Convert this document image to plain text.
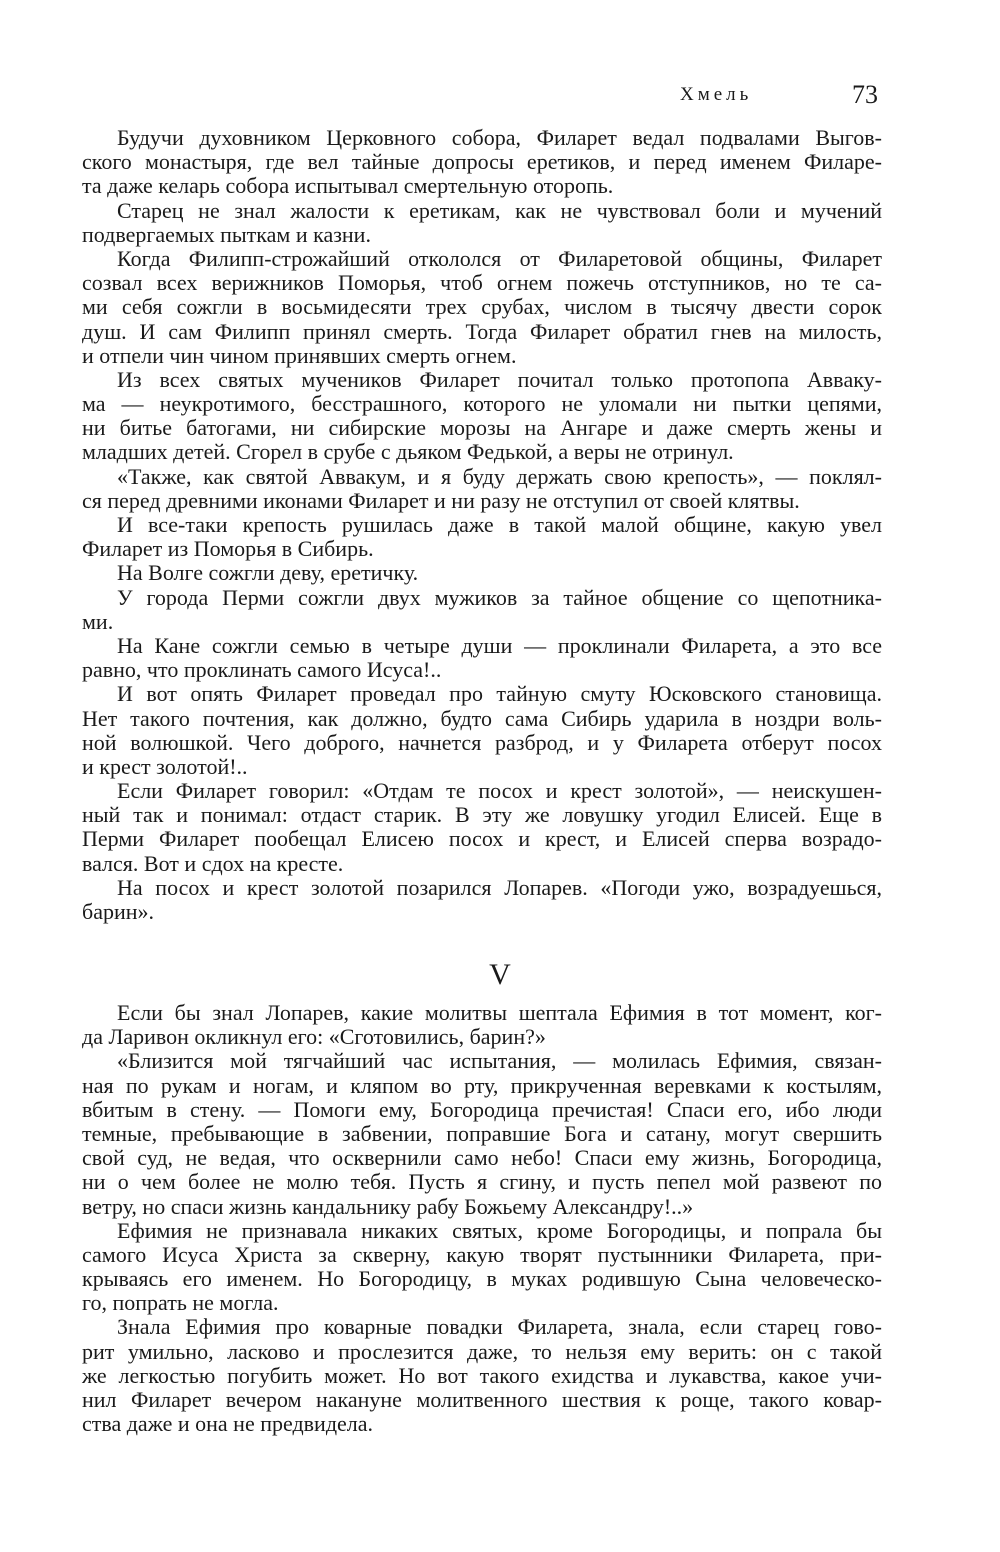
Хмель	73
Будучи духовником Церковного собора, Филарет ведал подвалами Выгов-
ского монастыря, где вел тайные допросы еретиков, и перед именем Филаре-
та даже келарь собора испытывал смертельную оторопь.
Старец не знал жалости к еретикам, как не чувствовал боли и мучений
подвергаемых пыткам и казни.
Когда Филипп-строжайший откололся от Филаретовой общины, Филарет
созвал всех верижников Поморья, чтоб огнем пожечь отступников, но те са-
ми себя сожгли в восьмидесяти трех срубах, числом в тысячу двести сорок
душ. И сам Филипп принял смерть. Тогда Филарет обратил гнев на милость,
и отпели чин чином принявших смерть огнем.
Из всех святых мучеников Филарет почитал только протопопа Аввaку-
ма — неукротимого, бесстрашного, которого не уломали ни пытки цепями,
ни битье батогами, ни сибирские морозы на Ангаре и даже смерть жены и
младших детей. Сгорел в срубе с дьяком Федькой, а веры не отринул.
«Также, как святой Аввакум, и я буду держать свою крепость», — поклял-
ся перед древними иконами Филарет и ни разу не отступил от своей клятвы.
И все-таки крепость рушилась даже в такой малой общине, какую увел
Филарет из Поморья в Сибирь.
На Волге сожгли деву, еретичку.
У города Перми сожгли двух мужиков за тайное общение со щепотника-
ми.
На Кане сожгли семью в четыре души — проклинали Филарета, а это все
равно, что проклинать самого Исуса!..
И вот опять Филарет проведал про тайную смуту Юсковского становища.
Нет такого почтения, как должно, будто сама Сибирь ударила в ноздри воль-
ной волюшкой. Чего доброго, начнется разброд, и у Филарета отберут посох
и крест золотой!..
Если Филарет говорил: «Отдам те посох и крест золотой», — неискушен-
ный так и понимал: отдаст старик. В эту же ловушку угодил Елисей. Еще в
Перми Филарет пообещал Елисею посох и крест, и Елисей сперва возрадо-
вался. Вот и сдох на кресте.
На посох и крест золотой позарился Лопарев. «Погоди ужо, возрадуешься,
барин».
V
Если бы знал Лопарев, какие молитвы шептала Ефимия в тот момент, ког-
да Ларивон окликнул его: «Сготовились, барин?»
«Близится мой тягчайший час испытания, — молилась Ефимия, связан-
ная по рукам и ногам, и кляпом во рту, прикрученная веревками к костылям,
вбитым в стену. — Помоги ему, Богородица пречистая! Спаси его, ибо люди
темные, пребывающие в забвении, поправшие Бога и сатану, могут свершить
свой суд, не ведая, что осквернили само небо! Спаси ему жизнь, Богородица,
ни о чем более не молю тебя. Пусть я сгину, и пусть пепел мой развеют по
ветру, но спаси жизнь кандальнику рабу Божьему Александру!..»
Ефимия не признавала никаких святых, кроме Богородицы, и попрала бы
самого Исуса Христа за скверну, какую творят пустынники Филарета, при-
крываясь его именем. Но Богородицу, в муках родившую Сына человеческо-
го, попрать не могла.
Знала Ефимия про коварные повадки Филарета, знала, если старец гово-
рит умильно, ласково и прослезится даже, то нельзя ему верить: он с такой
же легкостью погубить может. Но вот такого ехидства и лукавства, какое учи-
нил Филарет вечером накануне молитвенного шествия к роще, такого ковар-
ства даже и она не предвидела.
